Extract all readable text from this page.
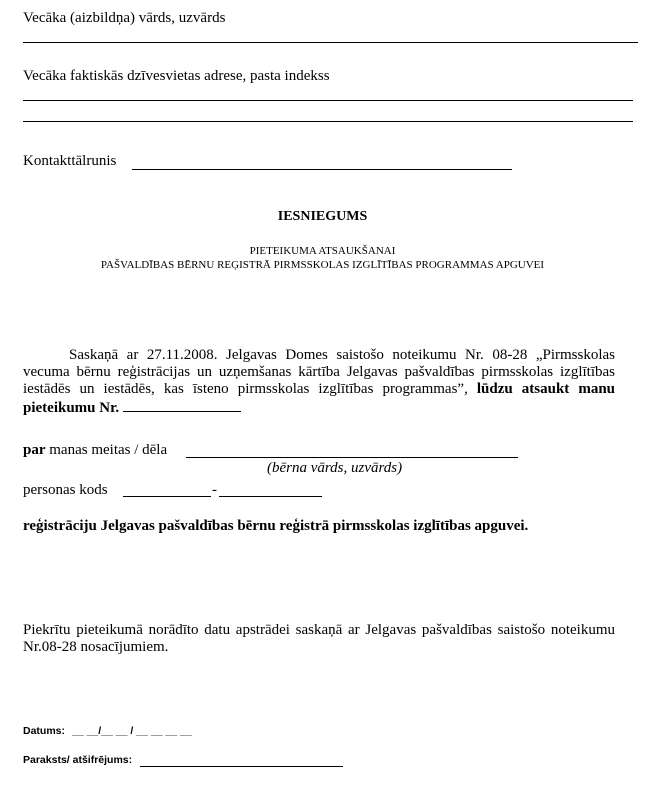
Vecāka (aizbildņa) vārds, uzvārds
Vecāka faktiskās dzīvesvietas adrese, pasta indekss
Kontakttālrunis
IESNIEGUMS
PIETEIKUMA ATSAUKŠANAI
PAŠVALDĪBAS BĒRNU REĢISTRĀ PIRMSSKOLAS IZGLĪTĪBAS PROGRAMMAS APGUVEI
Saskaņā ar 27.11.2008. Jelgavas Domes saistošo noteikumu Nr. 08-28 „Pirmsskolas vecuma bērnu reģistrācijas un uzņemšanas kārtība Jelgavas pašvaldības pirmsskolas izglītības iestādēs un iestādēs, kas īsteno pirmsskolas izglītības programmas”, lūdzu atsaukt manu pieteikumu Nr.
par manas meitas / dēla
(bērna vārds, uzvārds)
personas kods	-
reģistrāciju Jelgavas pašvaldības bērnu reģistrā pirmsskolas izglītības apguvei.
Piekrītu pieteikumā norādīto datu apstrādei saskaņā ar Jelgavas pašvaldības saistošo noteikumu Nr.08-28 nosacījumiem.
Datums: __ __/__ __ / __ __ __ __
Paraksts/ atšifrējums:
